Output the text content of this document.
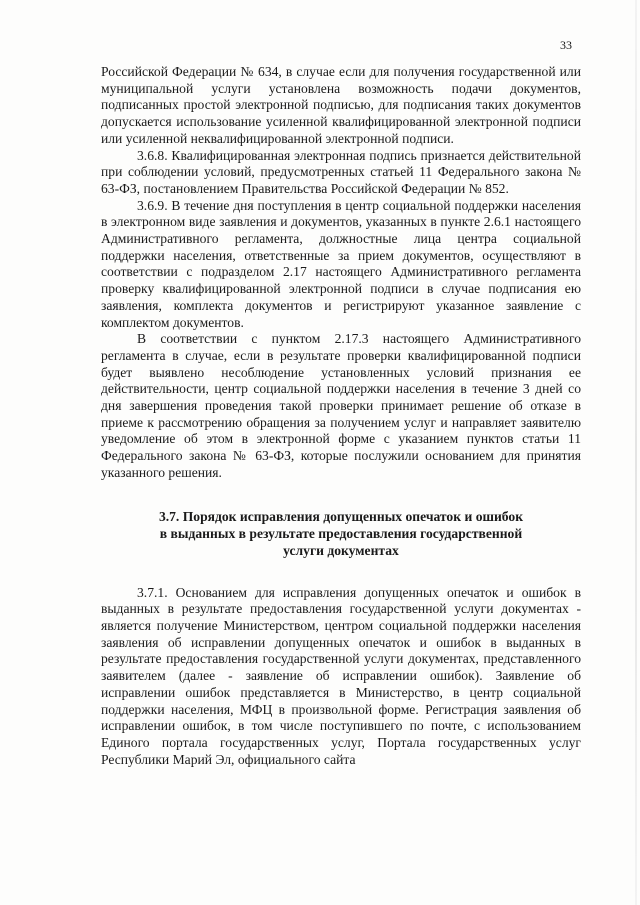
33

Российской Федерации № 634, в случае если для получения государственной или муниципальной услуги установлена возможность подачи документов, подписанных простой электронной подписью, для подписания таких документов допускается использование усиленной квалифицированной электронной подписи или усиленной неквалифицированной электронной подписи.

3.6.8. Квалифицированная электронная подпись признается действительной при соблюдении условий, предусмотренных статьей 11 Федерального закона № 63-ФЗ, постановлением Правительства Российской Федерации № 852.

3.6.9. В течение дня поступления в центр социальной поддержки населения в электронном виде заявления и документов, указанных в пункте 2.6.1 настоящего Административного регламента, должностные лица центра социальной поддержки населения, ответственные за прием документов, осуществляют в соответствии с подразделом 2.17 настоящего Административного регламента проверку квалифицированной электронной подписи в случае подписания ею заявления, комплекта документов и регистрируют указанное заявление с комплектом документов.

В соответствии с пунктом 2.17.3 настоящего Административного регламента в случае, если в результате проверки квалифицированной подписи будет выявлено несоблюдение установленных условий признания ее действительности, центр социальной поддержки населения в течение 3 дней со дня завершения проведения такой проверки принимает решение об отказе в приеме к рассмотрению обращения за получением услуг и направляет заявителю уведомление об этом в электронной форме с указанием пунктов статьи 11 Федерального закона № 63-ФЗ, которые послужили основанием для принятия указанного решения.

3.7. Порядок исправления допущенных опечаток и ошибок
в выданных в результате предоставления государственной
услуги документах

3.7.1. Основанием для исправления допущенных опечаток и ошибок в выданных в результате предоставления государственной услуги документах - является получение Министерством, центром социальной поддержки населения заявления об исправлении допущенных опечаток и ошибок в выданных в результате предоставления государственной услуги документах, представленного заявителем (далее - заявление об исправлении ошибок). Заявление об исправлении ошибок представляется в Министерство, в центр социальной поддержки населения, МФЦ в произвольной форме. Регистрация заявления об исправлении ошибок, в том числе поступившего по почте, с использованием Единого портала государственных услуг, Портала государственных услуг Республики Марий Эл, официального сайта
